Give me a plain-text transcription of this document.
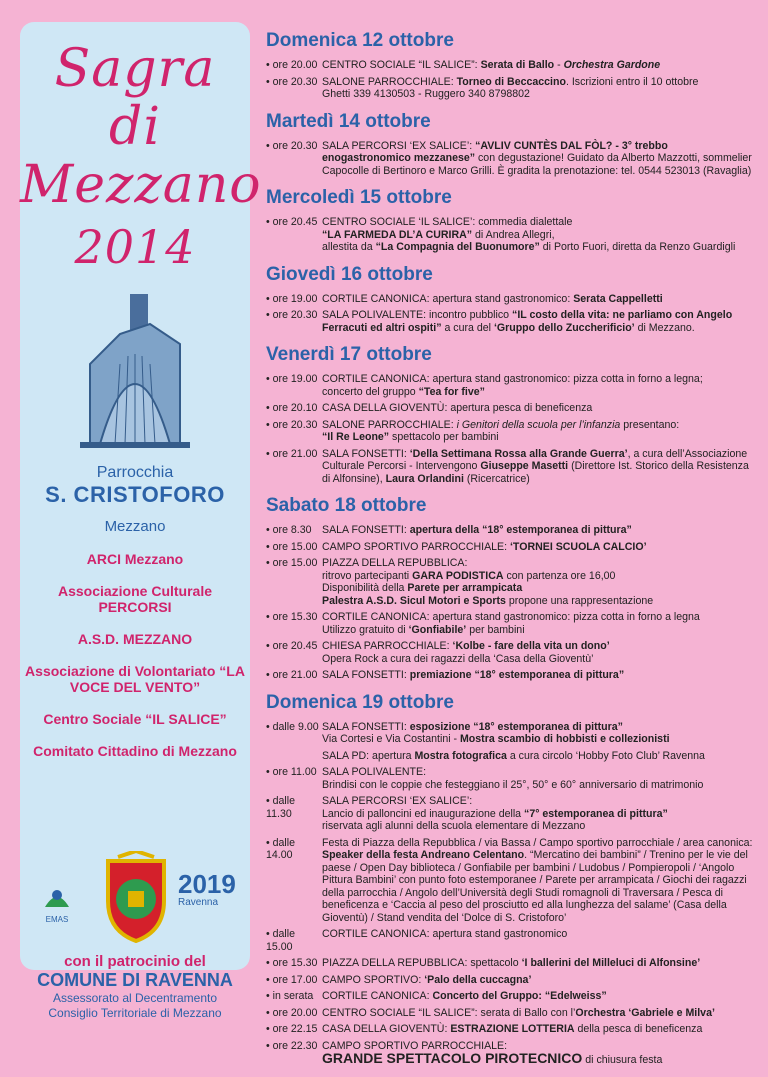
Sagra di
Mezzano
2014
Parrocchia
S. CRISTOFORO
Mezzano
ARCI Mezzano
Associazione Culturale PERCORSI
A.S.D. MEZZANO
Associazione di Volontariato “LA VOCE DEL VENTO”
Centro Sociale “IL SALICE”
Comitato Cittadino di Mezzano
EMAS
2019
Ravenna
con il patrocinio del
COMUNE DI RAVENNA
Assessorato al Decentramento
Consiglio Territoriale di Mezzano
Domenica 12 ottobre
• ore 20.00 CENTRO SOCIALE “IL SALICE”: Serata di Ballo - Orchestra Gardone
• ore 20.30 SALONE PARROCCHIALE: Torneo di Beccaccino. Iscrizioni entro il 10 ottobre
Ghetti 339 4130503 - Ruggero 340 8798802
Martedì 14 ottobre
• ore 20.30 SALA PERCORSI ‘EX SALICE’: “AVLIV CUNTÈS DAL FÒL? - 3° trebbo enogastronomico mezzanese” con degustazione! Guidato da Alberto Mazzotti, sommelier Capocolle di Bertinoro e Marco Grilli. È gradita la prenotazione: tel. 0544 523013 (Ravaglia)
Mercoledì 15 ottobre
• ore 20.45 CENTRO SOCIALE ‘IL SALICE’: commedia dialettale
“LA FARMEDA DL’A CURIRA” di Andrea Allegri,
allestita da “La Compagnia del Buonumore” di Porto Fuori, diretta da Renzo Guardigli
Giovedì 16 ottobre
• ore 19.00 CORTILE CANONICA: apertura stand gastronomico: Serata Cappelletti
• ore 20.30 SALA POLIVALENTE: incontro pubblico “IL costo della vita: ne parliamo con Angelo Ferracuti ed altri ospiti” a cura del ‘Gruppo dello Zuccherificio’ di Mezzano.
Venerdì 17 ottobre
• ore 19.00 CORTILE CANONICA: apertura stand gastronomico: pizza cotta in forno a legna;
concerto del gruppo “Tea for five”
• ore 20.10 CASA DELLA GIOVENTÙ: apertura pesca di beneficenza
• ore 20.30 SALONE PARROCCHIALE: i Genitori della scuola per l’infanzia presentano:
“Il Re Leone” spettacolo per bambini
• ore 21.00 SALA FONSETTI: ‘Della Settimana Rossa alla Grande Guerra’, a cura dell’Associazione Culturale Percorsi - Intervengono Giuseppe Masetti (Direttore Ist. Storico della Resistenza di Alfonsine), Laura Orlandini (Ricercatrice)
Sabato 18 ottobre
• ore 8.30 SALA FONSETTI: apertura della “18° estemporanea di pittura”
• ore 15.00 CAMPO SPORTIVO PARROCCHIALE: ‘TORNEI SCUOLA CALCIO’
• ore 15.00 PIAZZA DELLA REPUBBLICA:
ritrovo partecipanti GARA PODISTICA con partenza ore 16,00
Disponibilità della Parete per arrampicata
Palestra A.S.D. Sicul Motori e Sports propone una rappresentazione
• ore 15.30 CORTILE CANONICA: apertura stand gastronomico: pizza cotta in forno a legna
Utilizzo gratuito di ‘Gonfiabile’ per bambini
• ore 20.45 CHIESA PARROCCHIALE: ‘Kolbe - fare della vita un dono’
Opera Rock a cura dei ragazzi della ‘Casa della Gioventù’
• ore 21.00 SALA FONSETTI: premiazione “18° estemporanea di pittura”
Domenica 19 ottobre
• dalle 9.00 SALA FONSETTI: esposizione “18° estemporanea di pittura”
Via Cortesi e Via Costantini - Mostra scambio di hobbisti e collezionisti
SALA PD: apertura Mostra fotografica a cura circolo ‘Hobby Foto Club’ Ravenna
• ore 11.00 SALA POLIVALENTE:
Brindisi con le coppie che festeggiano il 25°, 50° e 60° anniversario di matrimonio
• dalle 11.30
SALA PERCORSI ‘EX SALICE’:
Lancio di palloncini ed inaugurazione della “7° estemporanea di pittura”
riservata agli alunni della scuola elementare di Mezzano
• dalle 14.00
Festa di Piazza della Repubblica / via Bassa / Campo sportivo parrocchiale / area canonica: Speaker della festa Andreano Celentano. “Mercatino dei bambini” / Trenino per le vie del paese / Open Day biblioteca / Gonfiabile per bambini / Ludobus / Pompieropoli / ‘Angolo Pittura Bambini’ con punto foto estemporanee / Parete per arrampicata / Giochi dei ragazzi della parrocchia / Angolo dell’Università degli Studi romagnoli di Traversara / Pesca di beneficenza e ‘Caccia al peso del prosciutto ed alla lunghezza del salame’ (Casa della Gioventù) / Stand vendita del ‘Dolce di S. Cristoforo’
• dalle 15.00
CORTILE CANONICA: apertura stand gastronomico
• ore 15.30 PIAZZA DELLA REPUBBLICA: spettacolo ‘I ballerini del Milleluci di Alfonsine’
• ore 17.00 CAMPO SPORTIVO: ‘Palo della cuccagna’
• in serata CORTILE CANONICA: Concerto del Gruppo: “Edelweiss”
• ore 20.00 CENTRO SOCIALE “IL SALICE”: serata di Ballo con l’Orchestra ‘Gabriele e Milva’
• ore 22.15 CASA DELLA GIOVENTÙ: ESTRAZIONE LOTTERIA della pesca di beneficenza
• ore 22.30 CAMPO SPORTIVO PARROCCHIALE:
GRANDE SPETTACOLO PIROTECNICO di chiusura festa
